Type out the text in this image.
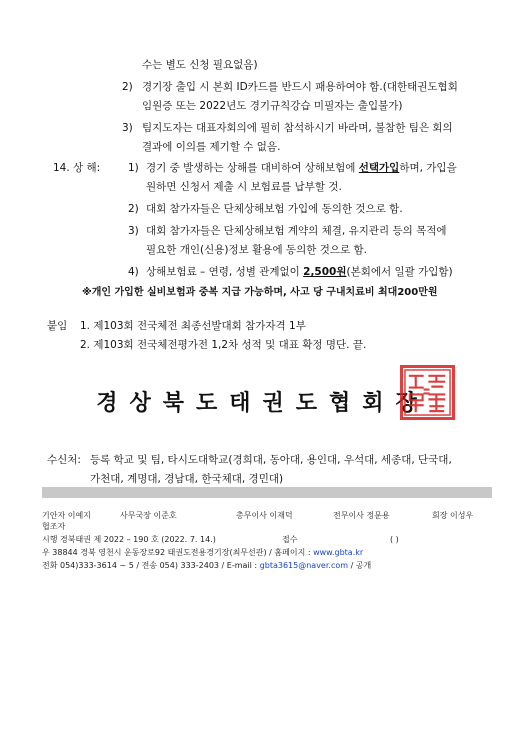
수는 별도 신청 필요없음)
2) 경기장 출입 시 본회 ID카드를 반드시 패용하여야 함.(대한태권도협회
임원증 또는 2022년도 경기규칙강습 미필자는 출입불가)
3) 팀지도자는 대표자회의에 필히 참석하시기 바라며, 불참한 팀은 회의
결과에 이의를 제기할 수 없음.
14. 상 해:	1) 경기 중 발생하는 상해를 대비하여 상해보험에 선택가입하며, 가입을
원하면 신청서 제출 시 보험료를 납부할 것.
2) 대회 참가자들은 단체상해보험 가입에 동의한 것으로 함.
3) 대회 참가자들은 단체상해보험 계약의 체결, 유지관리 등의 목적에
필요한 개인(신용)정보 활용에 동의한 것으로 함.
4) 상해보험료 – 연령, 성별 관계없이 2,500원(본회에서 일괄 가입함)
※개인 가입한 실비보험과 중복 지급 가능하며, 사고 당 구내치료비 최대200만원
붙임 1. 제103회 전국체전 최종선발대회 참가자격 1부
2. 제103회 전국체전평가전 1,2차 성적 및 대표 확정 명단. 끝.
경상북도태권도협회장
수신처: 등록 학교 및 팀, 타시도대학교(경희대, 동아대, 용인대, 우석대, 세종대, 단국대,
가천대, 계명대, 경남대, 한국체대, 경민대)
기안자 이예지	사무국장 이준호	총무이사 이재덕	전무이사 정문용	회장 이성우
협조자
시행 경북태권 제 2022 – 190 호 (2022. 7. 14.)	접수	( )
우 38844 경북 영천시 운동장로92 태권도전용경기장(최무선관) / 홈페이지 : www.gbta.kr
전화 054)333-3614 ~ 5 / 전송 054) 333-2403 / E-mail : gbta3615@naver.com / 공개
